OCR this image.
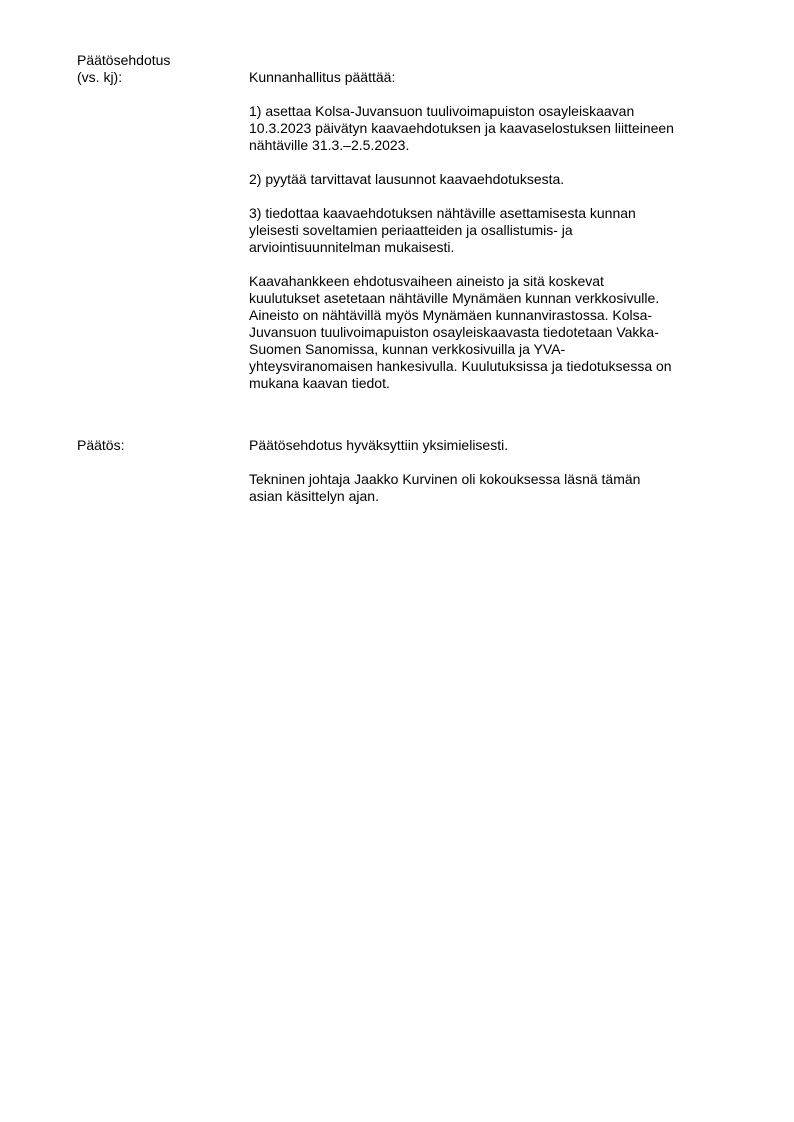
Päätösehdotus
(vs. kj):	Kunnanhallitus päättää:

1) asettaa Kolsa-Juvansuon tuulivoimapuiston osayleiskaavan
10.3.2023 päivätyn kaavaehdotuksen ja kaavaselostuksen liitteineen
nähtäville 31.3.–2.5.2023.

2) pyytää tarvittavat lausunnot kaavaehdotuksesta.

3) tiedottaa kaavaehdotuksen nähtäville asettamisesta kunnan
yleisesti soveltamien periaatteiden ja osallistumis- ja
arviointisuunnitelman mukaisesti.

Kaavahankkeen ehdotusvaiheen aineisto ja sitä koskevat
kuulutukset asetetaan nähtäville Mynämäen kunnan verkkosivulle.
Aineisto on nähtävillä myös Mynämäen kunnanvirastossa. Kolsa-
Juvansuon tuulivoimapuiston osayleiskaavasta tiedotetaan Vakka-
Suomen Sanomissa, kunnan verkkosivuilla ja YVA-
yhteysviranomaisen hankesivulla. Kuulutuksissa ja tiedotuksessa on
mukana kaavan tiedot.

Päätös:	Päätösehdotus hyväksyttiin yksimielisesti.

Tekninen johtaja Jaakko Kurvinen oli kokouksessa läsnä tämän
asian käsittelyn ajan.
